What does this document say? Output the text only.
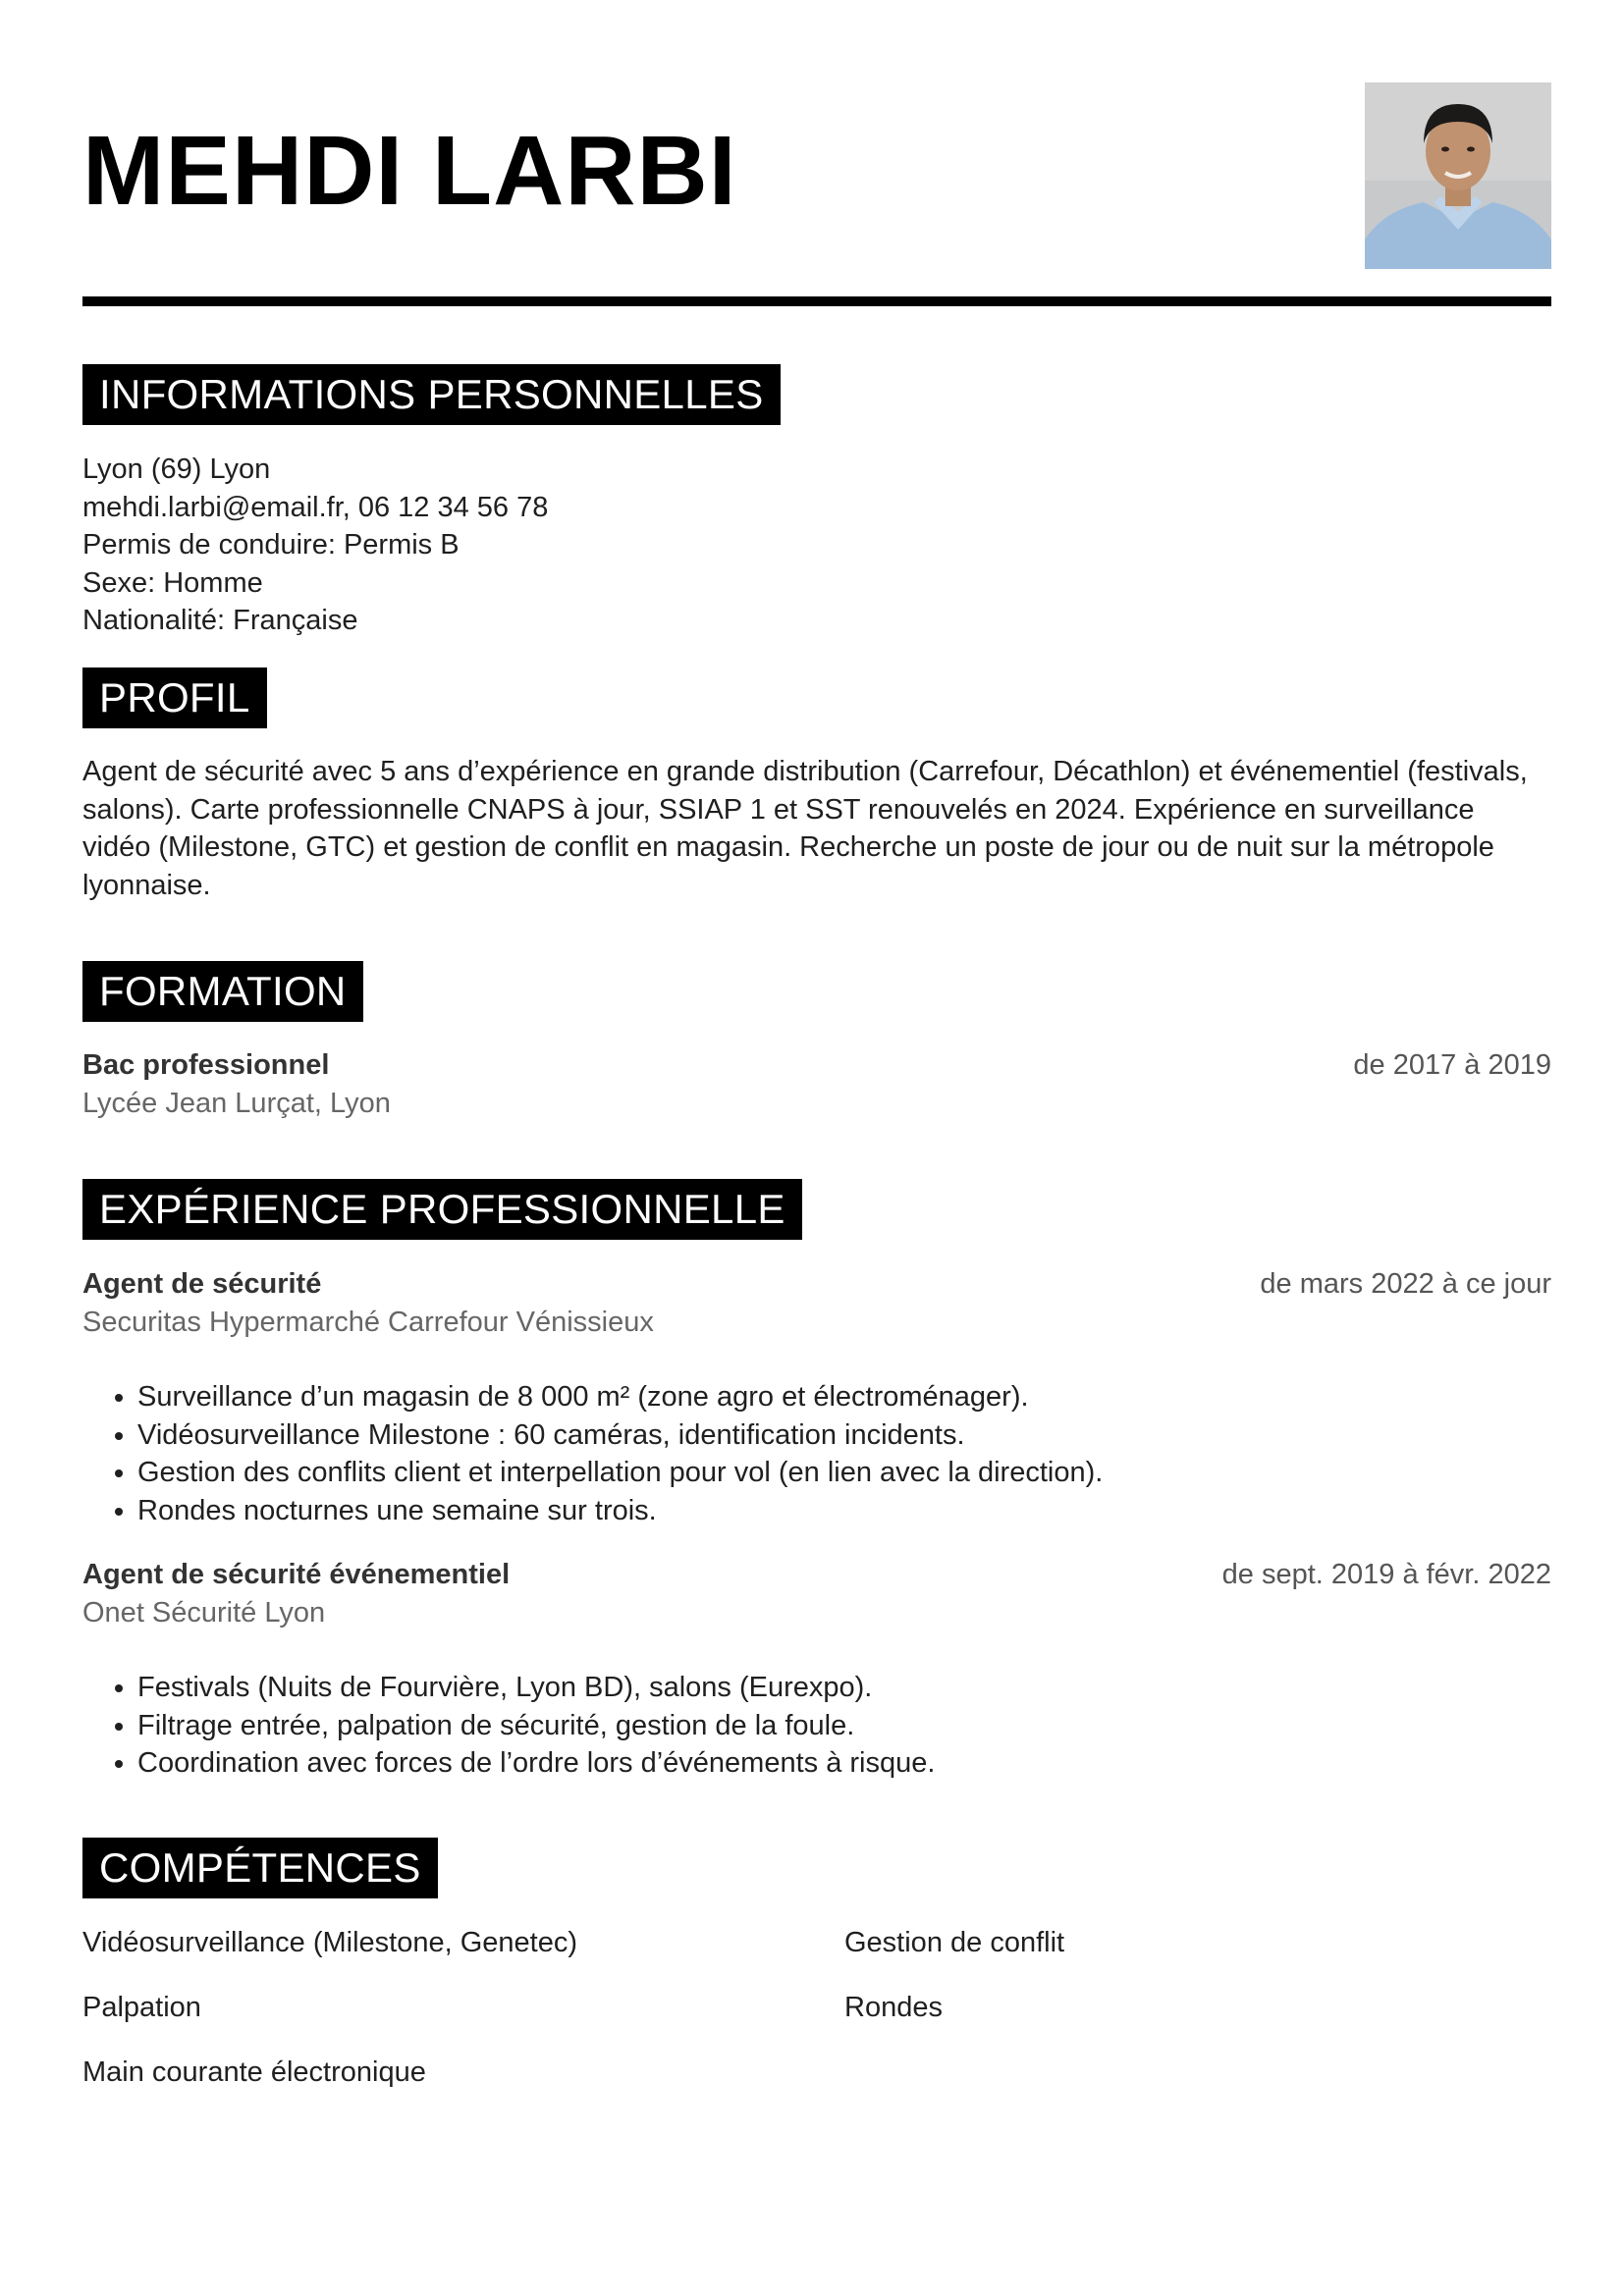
MEHDI LARBI
INFORMATIONS PERSONNELLES

Lyon (69) Lyon

mehdi.larbi@email.fr, 06 12 34 56 78

Permis de conduire: Permis B

Sexe: Homme

Nationalité: Française

PROFIL

Agent de sécurité avec 5 ans d’expérience en grande distribution (Carrefour, Décathlon) et événementiel (festivals, salons). Carte professionnelle CNAPS à jour, SSIAP 1 et SST renouvelés en 2024. Expérience en surveillance vidéo (Milestone, GTC) et gestion de conflit en magasin. Recherche un poste de jour ou de nuit sur la métropole lyonnaise.

FORMATION
Bac professionnel	de 2017 à 2019
Lycée Jean Lurçat, Lyon
EXPÉRIENCE PROFESSIONNELLE
Agent de sécurité	de mars 2022 à ce jour
Securitas Hypermarché Carrefour Vénissieux
• Surveillance d’un magasin de 8 000 m² (zone agro et électroménager).
• Vidéosurveillance Milestone : 60 caméras, identification incidents.
• Gestion des conflits client et interpellation pour vol (en lien avec la direction).
• Rondes nocturnes une semaine sur trois.
Agent de sécurité événementiel	de sept. 2019 à févr. 2022
Onet Sécurité Lyon
• Festivals (Nuits de Fourvière, Lyon BD), salons (Eurexpo).
• Filtrage entrée, palpation de sécurité, gestion de la foule.
• Coordination avec forces de l’ordre lors d’événements à risque.
COMPÉTENCES
Vidéosurveillance (Milestone, Genetec)	Gestion de conflit
Palpation	Rondes
Main courante électronique
